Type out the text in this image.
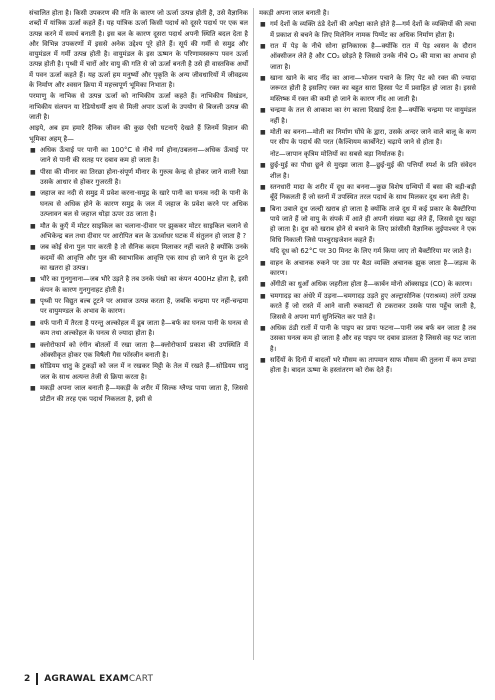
संचालित होता है। किसी उपकरण की गति के कारण जो ऊर्जा उत्पन्न होती है, उसे वैज्ञानिक शब्दों में यांत्रिक ऊर्जा कहते हैं। यह यांत्रिक ऊर्जा किसी पदार्थ को दूसरे पदार्थ पर एक बल उत्पन्न करने में समर्थ बनाती है। इस बल के कारण दूसरा पदार्थ अपनी स्थिति बदल देता है और विभिन्न उपकरणों में इससे अनेक उद्देश्य पूरे होते हैं। सूर्य की गर्मी से समुद्र और वायुमंडल में गर्मी उत्पन्न होती है। वायुमंडल के इस ऊष्मन के परिणामस्वरूप पवन ऊर्जा उत्पन्न होती है। पृथ्वी में चारों ओर वायु की गति से जो ऊर्जा बनती है उसे ही वास्तविक अर्थों में पवन ऊर्जा कहते हैं। यह ऊर्जा हम मनुष्यों और पृकृति के अन्य जीवधारियों में जीवद्रव्य के निर्माण और श्वसन क्रिया में महत्त्वपूर्ण भूमिका निभाता है।

परमाणु के नाभिक से उत्पन्न ऊर्जा को नाभिकीय ऊर्जा कहते हैं। नाभिकीय विखंडन, नाभिकीय संलयन या रेडियोधर्मी क्षय से मिली अपार ऊर्जा के उपयोग से बिजली उत्पन्न की जाती है।

आइये, अब हम हमारे दैनिक जीवन की कुछ ऐसी घटनाएँ देखते हैं जिनमें विज्ञान की भूमिका अहम् है—

■ अधिक ऊँचाई पर पानी का 100°C से नीचे गर्म होना/उबलना—अधिक ऊँचाई पर जाने से पानी की सतह पर दबाव कम हो जाता है।
■ पीसा की मीनार का तिरछा होना-संपूर्ण मीनार के गुरुत्व केन्द्र से होकर जाने वाली रेखा उसके आधार से होकर गुजरती है।
■ जहाज का नदी से समुद्र में प्रवेश करना-समुद्र के खारे पानी का घनत्व नदी के पानी के घनत्व से अधिक होने के कारण समुद्र के जल में जहाज के प्रवेश करने पर अधिक उत्प्लावन बल से जहाज थोड़ा ऊपर उठ जाता है।
■ मौत के कुएँ में मोटर साइकिल का चलाना-दीवार पर झुककर मोटर साइकिल चलाने से अभिकेन्द्र बल तथा दीवार पर आरोपित बल के ऊर्ध्वाधर घटक में संतुलन हो जाता है ?
■ जब कोई सेना पुल पार करती है तो सैनिक कदम मिलाकर नहीं चलते है क्योंकि उनके कदमों की आवृत्ति और पुल की स्वाभाविक आवृत्ति एक साथ हो जाने से पुल के टूटने का खतरा हो उत्पन्न।
■ भौरे का गुनगुनाना—जब भौरे उड़ते है तब उनके पंखो का कंपन 400Hz होता है, इसी कंपन के कारण गुनगुनाहट होती है।
■ पृथ्वी पर विद्युत बल्ब टूटने पर आवाज उत्पन्न करता है, जबकि चन्द्रमा पर नहीं-चन्द्रमा पर वायुमण्डल के अभाव के कारण।
■ वर्फ पानी में तैरता है परन्तु अल्कोहल में डूब जाता है—बर्फ का घनत्व पानी के घनत्व से कम तथा अल्कोहल के घनत्व से ज्यादा होता है।
■ क्लोरोफार्म को रंगीन बोतलों में रखा जाता है—क्लोरोफार्म प्रकाश की उपस्थिति में ऑक्सीकृत होकर एक विषैली गैस फॉस्जीन बनाती है।
■ सोडियम धातु के टुकड़ों को जल में न रखकर मिट्टी के तेल में रखते हैं—सोडियम धातु जल के साथ अत्यन्त तेजी से क्रिया करता है।
■ मकड़ी अपना जाल बनाती है—मकड़ी के शरीर में सिल्क ग्लैण्ड पाया जाता है, जिससे प्रोटीन की तरह एक पदार्थ निकलता है, इसी से

मकड़ी अपना जाल बनाती है।

■ गर्म देशों के व्यक्ति ठंडे देशों की अपेक्षा काले होते है—गर्म देशों के व्यक्तियों की त्वचा में प्रकाश से बचने के लिए मिलेनिन नामक पिग्मेंट का अधिक निर्माण होता है।
■ रात में पेड़ के नीचे सोना हानिकारक है—क्योंकि रात में पेड़ श्वसन के दौरान ऑक्सीजन लेते है और CO₂ छोड़ते है जिससे उनके नीचे O₂ की मात्रा का अभाव हो जाता है।
■ खाना खाने के बाद नींद का आना—भोजन पचाने के लिए पेट को रक्त की ज्यादा जरूरत होती है इसलिए रक्त का बहुत सारा हिस्सा पेट में प्रवाहित हो जाता है। इससे मस्तिष्क में रक्त की कमी हो जाने के कारण नींद आ जाती है।
■ चन्द्रमा के तल से आकाश का रंग काला दिखाई देता है—क्योंकि चन्द्रमा पर वायुमंडल नहीं है।
■ मोती का बनना—मोती का निर्माण घोंघे के द्वारा, उसके अन्दर जाने वाले बालू के कण पर सीप के पदार्थ की परत (कैल्शियम कार्बोनेट) चढ़ाये जाने से होता है।
नोट—जापान कृत्रिम मोतियों का सबसे बड़ा निर्यातक है।
■ छुई-मुई का पौधा छूने से मुरझा जाता है—छुई-मुई की पत्तियाँ स्पर्श के प्रति संवेदन शील है।
■ स्तनधारी मादा के शरीर में दूध का बनना—कुछ विशेष ग्रन्थियों में बसा की बड़ी-बड़ी बूँदें निकलती हैं जो स्तनों में उपस्थित तरल पदार्थ के साथ मिलकर दूध बना लेती है।
■ बिना उबाले दूध जल्दी खराब हो जाता है क्योंकि ताजे दूध में कई प्रकार के बैक्टीरिया पाये जाते हैं जो वायु के संपर्क में आते ही अपनी संख्या बढ़ा लेते हैं, जिससे दूध खट्टा हो जाता है। दूध को खराब होने से बचाने के लिए फ्रांसीसी वैज्ञानिक लुईपाश्चर ने एक विधि निकाली जिसे पाश्चुराइजेशन कहते हैं।
यदि दूध को 62°C पर 30 मिनट के लिए गर्म किया जाए तो बैक्टीरिया मर जाते है।
■ वाहन के अचानक रुकने पर उस पर बैठा व्यक्ति अचानक झुक जाता है—जड़त्व के कारण।
■ अँगीठी का धुआँ अधिक जहरीला होता है—कार्बन मोनो ऑक्साइड (CO) के कारण।
■ चमगादड़ का अंधेरे में उड़ना—चमगादड़ उड़ते हुए अल्ट्रासोनिक (पराश्रव्य) तरंगें उत्पन्न करते हैं जो रास्ते में आने वाली रुकावटों से टकराकर उसके पास पहुँच जाती है, जिससे वे अपना मार्ग सुनिश्चित कर पाते है।
■ अधिक ठंडी रातों में पानी के पाइप का प्रायः फटना—पानी जब बर्फ बन जाता है तब उसका घनत्व कम हो जाता है और वह पाइप पर दबाव डालता है जिससे वह फट जाता है।
■ सर्दियों के दिनों में बादलों भरे मौसम का तापमान साफ मौसम की तुलना में कम ठण्डा होता है। बादल ऊष्मा के हस्तांतरण को रोक देते हैं।
2 AGRAWAL EXAMCART
